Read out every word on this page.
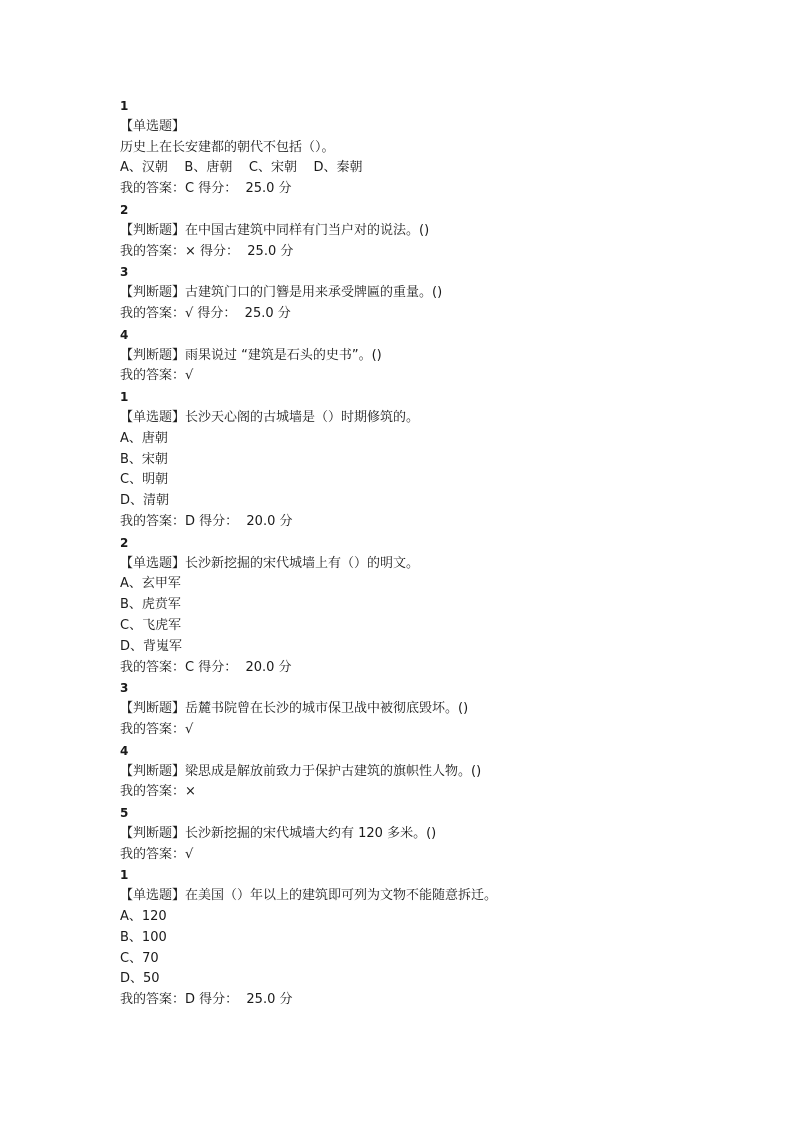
1
【单选题】
历史上在长安建都的朝代不包括（）。
A、汉朝    B、唐朝    C、宋朝    D、秦朝
我的答案：C 得分：  25.0 分
2
【判断题】在中国古建筑中同样有门当户对的说法。()
我的答案：× 得分：  25.0 分
3
【判断题】古建筑门口的门簪是用来承受牌匾的重量。()
我的答案：√ 得分：  25.0 分
4
【判断题】雨果说过 “建筑是石头的史书”。()
我的答案：√
1
【单选题】长沙天心阁的古城墙是（）时期修筑的。
A、唐朝
B、宋朝
C、明朝
D、清朝
我的答案：D 得分：  20.0 分
2
【单选题】长沙新挖掘的宋代城墙上有（）的明文。
A、玄甲军
B、虎贲军
C、飞虎军
D、背嵬军
我的答案：C 得分：  20.0 分
3
【判断题】岳麓书院曾在长沙的城市保卫战中被彻底毁坏。()
我的答案：√
4
【判断题】梁思成是解放前致力于保护古建筑的旗帜性人物。()
我的答案：×
5
【判断题】长沙新挖掘的宋代城墙大约有 120 多米。()
我的答案：√
1
【单选题】在美国（）年以上的建筑即可列为文物不能随意拆迁。
A、120
B、100
C、70
D、50
我的答案：D 得分：  25.0 分
